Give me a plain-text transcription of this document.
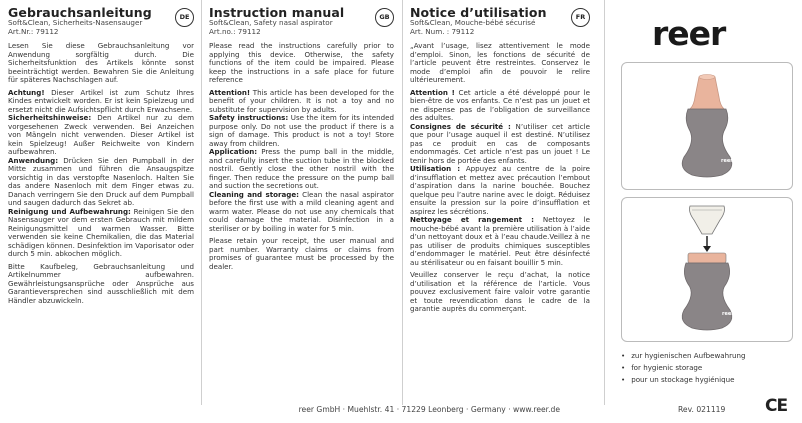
Gebrauchsanleitung
Soft&Clean, Sicherheits-Nasensauger
Art.Nr.: 79112
DE

Lesen Sie diese Gebrauchsanleitung vor Anwendung sorgfältig durch. Die Sicherheitsfunktion des Artikels könnte sonst beeinträchtigt werden. Bewahren Sie die Anleitung für späteres Nachschlagen auf.

Achtung! Dieser Artikel ist zum Schutz Ihres Kindes entwickelt worden. Er ist kein Spielzeug und ersetzt nicht die Aufsichtspflicht durch Erwachsene.

Sicherheitshinweise: Den Artikel nur zu dem vorgesehenen Zweck verwenden. Bei Anzeichen von Mängeln nicht verwenden. Dieser Artikel ist kein Spielzeug! Außer Reichweite von Kindern aufbewahren.

Anwendung: Drücken Sie den Pumpball in der Mitte zusammen und führen die Ansaugspitze vorsichtig in das verstopfte Nasenloch. Halten Sie das andere Nasenloch mit dem Finger etwas zu. Danach verringern Sie den Druck auf dem Pumpball und saugen dadurch das Sekret ab.

Reinigung und Aufbewahrung: Reinigen Sie den Nasensauger vor dem ersten Gebrauch mit mildem Reinigungsmittel und warmen Wasser. Bitte verwenden sie keine Chemikalien, die das Material schädigen können. Desinfektion im Vaporisator oder durch 5 min. abkochen möglich.

Bitte Kaufbeleg, Gebrauchsanleitung und Artikelnummer aufbewahren. Gewährleistungsansprüche oder Ansprüche aus Garantieversprechen sind ausschließlich mit dem Händler abzuwickeln.

Instruction manual
Soft&Clean, Safety nasal aspirator
Art.no.: 79112
GB

Please read the instructions carefully prior to applying this device. Otherwise, the safety functions of the item could be impaired. Please keep the instructions in a safe place for future reference

Attention! This article has been developed for the benefit of your children. It is not a toy and no substitute for supervision by adults.

Safety instructions: Use the item for its intended purpose only. Do not use the product if there is a sign of damage. This product is not a toy! Store away from children.

Application: Press the pump ball in the middle, and carefully insert the suction tube in the blocked nostril. Gently close the other nostril with the finger. Then reduce the pressure on the pump ball and suction the secretions out.

Cleaning and storage: Clean the nasal aspirator before the first use with a mild cleaning agent and warm water. Please do not use any chemicals that could damage the material. Disinfection in a steriliser or by boiling in water for 5 min.

Please retain your receipt, the user manual and part number. Warranty claims or claims from promises of guarantee must be processed by the dealer.

Notice d’utilisation
Soft&Clean, Mouche-bébé sécurisé
Art. Num. : 79112
FR

„Avant l’usage, lisez attentivement le mode d’emploi. Sinon, les fonctions de sécurité de l’article peuvent être restreintes. Conservez le mode d’emploi afin de pouvoir le relire ultérieurement.

Attention ! Cet article a été développé pour le bien-être de vos enfants. Ce n’est pas un jouet et ne dispense pas de l’obligation de surveillance des adultes.

Consignes de sécurité : N’utiliser cet article que pour l’usage auquel il est destiné. N’utilisez pas ce produit en cas de composants endommagés. Cet article n’est pas un jouet ! Le tenir hors de portée des enfants.

Utilisation : Appuyez au centre de la poire d’insufflation et mettez avec précaution l’embout d’aspiration dans la narine bouchée. Bouchez quelque peu l’autre narine avec le doigt. Réduisez ensuite la pression sur la poire d’insufflation et aspirez les sécrétions.

Nettoyage et rangement : Nettoyez le mouche-bébé avant la première utilisation à l’aide d’un nettoyant doux et à l’eau chaude.Veillez à ne pas utiliser de produits chimiques susceptibles d’endommager le matériel. Peut être désinfecté au stérilisateur ou en faisant bouillir 5 min.

Veuillez conserver le reçu d’achat, la notice d’utilisation et la référence de l’article. Vous pouvez exclusivement faire valoir votre garantie et toute revendication dans le cadre de la garantie auprès du commerçant.

reer
reer
reer
• zur hygienischen Aufbewahrung
• for hygienic storage
• pour un stockage hygiénique
reer GmbH · Muehlstr. 41 · 71229 Leonberg · Germany · www.reer.de	Rev. 021119 CE
